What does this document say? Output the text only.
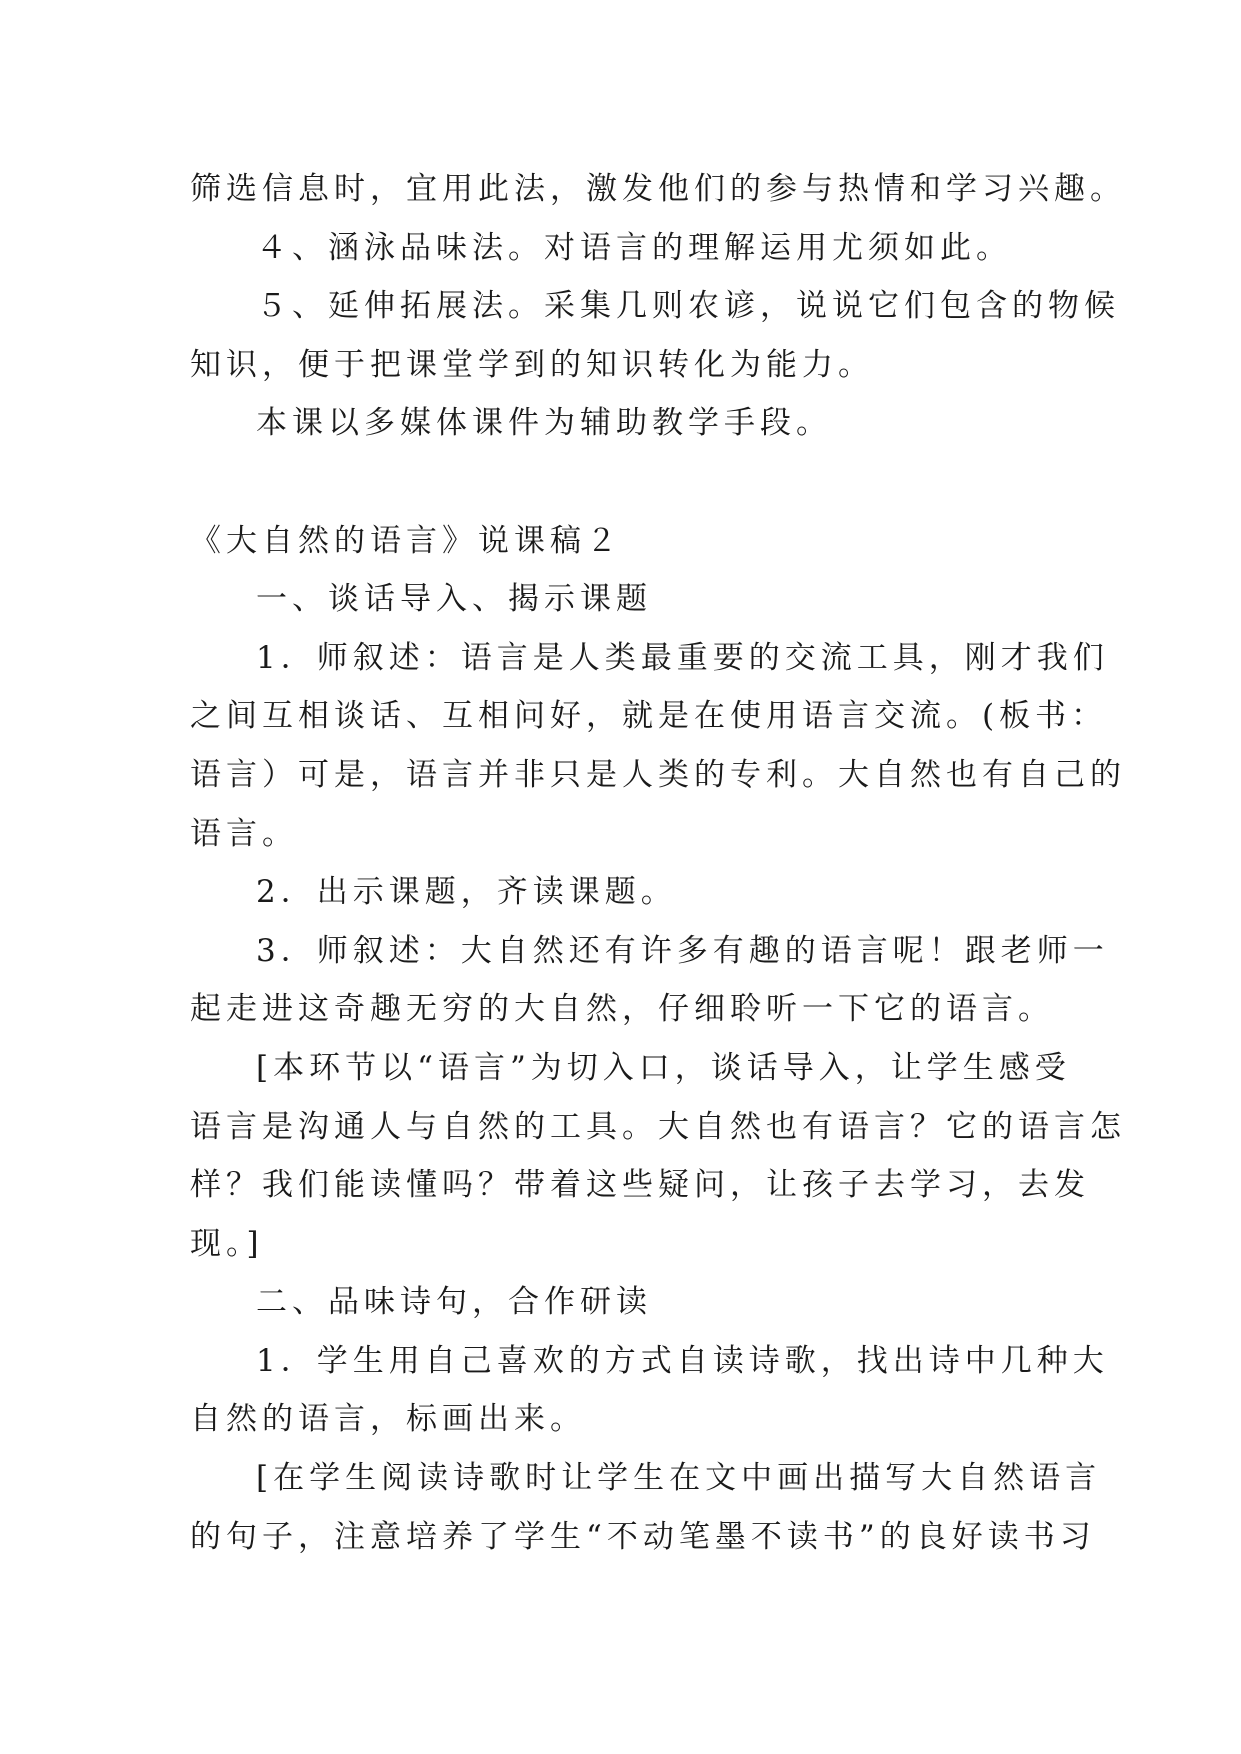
筛选信息时，宜用此法，激发他们的参与热情和学习兴趣。
４、涵泳品味法。对语言的理解运用尤须如此。
５、延伸拓展法。采集几则农谚，说说它们包含的物候
知识，便于把课堂学到的知识转化为能力。
本课以多媒体课件为辅助教学手段。
《大自然的语言》说课稿２
一、谈话导入、揭示课题
1．师叙述：语言是人类最重要的交流工具，刚才我们
之间互相谈话、互相问好，就是在使用语言交流。(板书：
语言）可是，语言并非只是人类的专利。大自然也有自己的
语言。
2．出示课题，齐读课题。
3．师叙述：大自然还有许多有趣的语言呢！跟老师一
起走进这奇趣无穷的大自然，仔细聆听一下它的语言。
[本环节以“语言”为切入口，谈话导入，让学生感受
语言是沟通人与自然的工具。大自然也有语言？它的语言怎
样？我们能读懂吗？带着这些疑问，让孩子去学习，去发
现。]
二、品味诗句，合作研读
1．学生用自己喜欢的方式自读诗歌，找出诗中几种大
自然的语言，标画出来。
[在学生阅读诗歌时让学生在文中画出描写大自然语言
的句子，注意培养了学生“不动笔墨不读书”的良好读书习
